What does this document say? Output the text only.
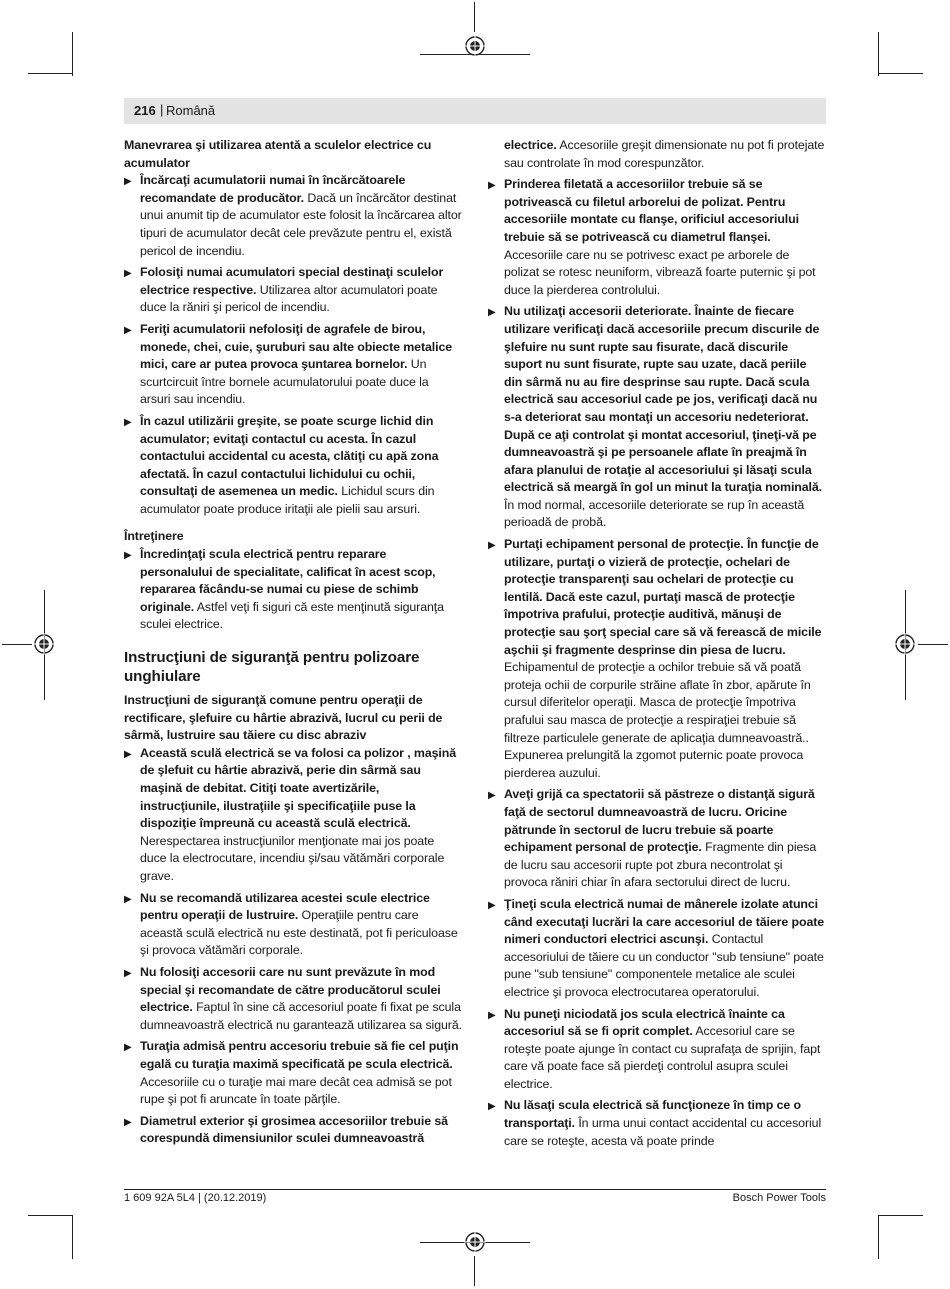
216 | Română

Manevrarea şi utilizarea atentă a sculelor electrice cu acumulator

▶ Încărcaţi acumulatorii numai în încărcătoarele recomandate de producător. Dacă un încărcător destinat unui anumit tip de acumulator este folosit la încărcarea altor tipuri de acumulator decât cele prevăzute pentru el, există pericol de incendiu.
▶ Folosiţi numai acumulatori special destinaţi sculelor electrice respective. Utilizarea altor acumulatori poate duce la răniri şi pericol de incendiu.
▶ Feriţi acumulatorii nefolosiţi de agrafele de birou, monede, chei, cuie, şuruburi sau alte obiecte metalice mici, care ar putea provoca şuntarea bornelor. Un scurtcircuit între bornele acumulatorului poate duce la arsuri sau incendiu.
▶ În cazul utilizării greşite, se poate scurge lichid din acumulator; evitaţi contactul cu acesta. În cazul contactului accidental cu acesta, clătiţi cu apă zona afectată. În cazul contactului lichidului cu ochii, consultaţi de asemenea un medic. Lichidul scurs din acumulator poate produce iritaţii ale pielii sau arsuri.

Întreţinere

▶ Încredinţaţi scula electrică pentru reparare personalului de specialitate, calificat în acest scop, repararea făcându-se numai cu piese de schimb originale. Astfel veţi fi siguri că este menţinută siguranţa sculei electrice.
Instrucţiuni de siguranţă pentru polizoare unghiulare

Instrucţiuni de siguranţă comune pentru operaţii de rectificare, şlefuire cu hârtie abrazivă, lucrul cu perii de sârmă, lustruire sau tăiere cu disc abraziv

▶ Această sculă electrică se va folosi ca polizor , maşină de şlefuit cu hârtie abrazivă, perie din sârmă sau maşină de debitat. Citiţi toate avertizările, instrucţiunile, ilustraţiile şi specificaţiile puse la dispoziţie împreună cu această sculă electrică. Nerespectarea instrucţiunilor menţionate mai jos poate duce la electrocutare, incendiu şi/sau vătămări corporale grave.
▶ Nu se recomandă utilizarea acestei scule electrice pentru operaţii de lustruire. Operaţiile pentru care această sculă electrică nu este destinată, pot fi periculoase şi provoca vătămări corporale.
▶ Nu folosiţi accesorii care nu sunt prevăzute în mod special şi recomandate de către producătorul sculei electrice. Faptul în sine că accesoriul poate fi fixat pe scula dumneavoastră electrică nu garantează utilizarea sa sigură.
▶ Turaţia admisă pentru accesoriu trebuie să fie cel puţin egală cu turaţia maximă specificată pe scula electrică. Accesoriile cu o turaţie mai mare decât cea admisă se pot rupe şi pot fi aruncate în toate părţile.
▶ Diametrul exterior şi grosimea accesoriilor trebuie să corespundă dimensiunilor sculei dumneavoastră

electrice. Accesoriile greşit dimensionate nu pot fi protejate sau controlate în mod corespunzător.

▶ Prinderea filetată a accesoriilor trebuie să se potrivească cu filetul arborelui de polizat. Pentru accesoriile montate cu flanşe, orificiul accesoriului trebuie să se potrivească cu diametrul flanşei. Accesoriile care nu se potrivesc exact pe arborele de polizat se rotesc neuniform, vibrează foarte puternic şi pot duce la pierderea controlului.
▶ Nu utilizaţi accesorii deteriorate. Înainte de fiecare utilizare verificaţi dacă accesoriile precum discurile de şlefuire nu sunt rupte sau fisurate, dacă discurile suport nu sunt fisurate, rupte sau uzate, dacă periile din sârmă nu au fire desprinse sau rupte. Dacă scula electrică sau accesoriul cade pe jos, verificaţi dacă nu s-a deteriorat sau montaţi un accesoriu nedeteriorat. După ce aţi controlat şi montat accesoriul, ţineţi-vă pe dumneavoastră şi pe persoanele aflate în preajmă în afara planului de rotaţie al accesoriului şi lăsaţi scula electrică să meargă în gol un minut la turaţia nominală. În mod normal, accesoriile deteriorate se rup în această perioadă de probă.
▶ Purtaţi echipament personal de protecţie. În funcţie de utilizare, purtaţi o vizieră de protecţie, ochelari de protecţie transparenţi sau ochelari de protecţie cu lentilă. Dacă este cazul, purtaţi mască de protecţie împotriva prafului, protecţie auditivă, mănuşi de protecţie sau şorţ special care să vă ferească de micile aşchii şi fragmente desprinse din piesa de lucru. Echipamentul de protecţie a ochilor trebuie să vă poată proteja ochii de corpurile străine aflate în zbor, apărute în cursul diferitelor operaţii. Masca de protecţie împotriva prafului sau masca de protecţie a respiraţiei trebuie să filtreze particulele generate de aplicaţia dumneavoastră.. Expunerea prelungită la zgomot puternic poate provoca pierderea auzului.
▶ Aveţi grijă ca spectatorii să păstreze o distanţă sigură faţă de sectorul dumneavoastră de lucru. Oricine pătrunde în sectorul de lucru trebuie să poarte echipament personal de protecţie. Fragmente din piesa de lucru sau accesorii rupte pot zbura necontrolat şi provoca răniri chiar în afara sectorului direct de lucru.
▶ Ţineţi scula electrică numai de mânerele izolate atunci când executaţi lucrări la care accesoriul de tăiere poate nimeri conductori electrici ascunşi. Contactul accesoriului de tăiere cu un conductor "sub tensiune" poate pune "sub tensiune" componentele metalice ale sculei electrice şi provoca electrocutarea operatorului.
▶ Nu puneţi niciodată jos scula electrică înainte ca accesoriul să se fi oprit complet. Accesoriul care se roteşte poate ajunge în contact cu suprafaţa de sprijin, fapt care vă poate face să pierdeţi controlul asupra sculei electrice.
▶ Nu lăsaţi scula electrică să funcţioneze în timp ce o transportaţi. În urma unui contact accidental cu accesoriul care se roteşte, acesta vă poate prinde
1 609 92A 5L4 | (20.12.2019)	Bosch Power Tools
